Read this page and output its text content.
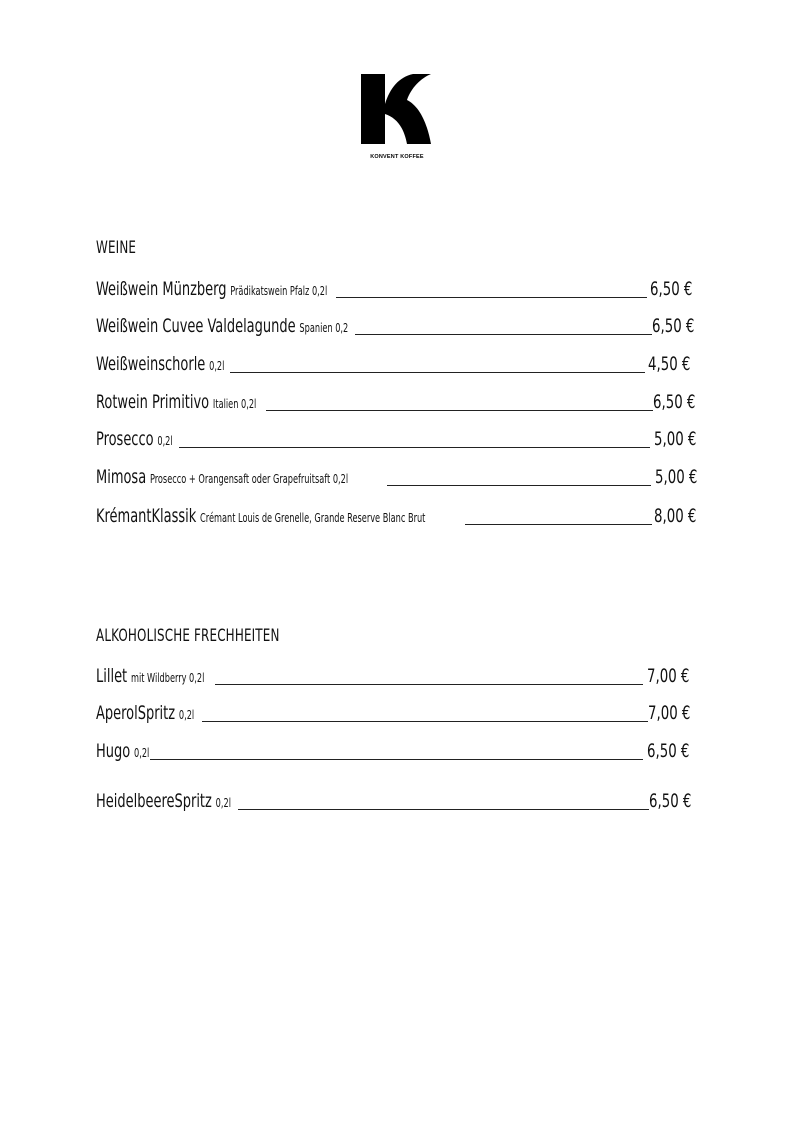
KONVENT KOFFEE
WEINE
Weißwein Münzberg Prädikatswein Pfalz 0,2l	6,50 €
Weißwein Cuvee Valdelagunde Spanien 0,2	6,50 €
Weißweinschorle 0,2l	4,50 €
Rotwein Primitivo Italien 0,2l	6,50 €
Prosecco 0,2l	5,00 €
Mimosa Prosecco + Orangensaft oder Grapefruitsaft 0,2l	5,00 €
KrémantKlassik Crémant Louis de Grenelle, Grande Reserve Blanc Brut	8,00 €
ALKOHOLISCHE FRECHHEITEN
Lillet mit Wildberry 0,2l	7,00 €
AperolSpritz 0,2l	7,00 €
Hugo 0,2l	6,50 €
HeidelbeereSpritz 0,2l	6,50 €
